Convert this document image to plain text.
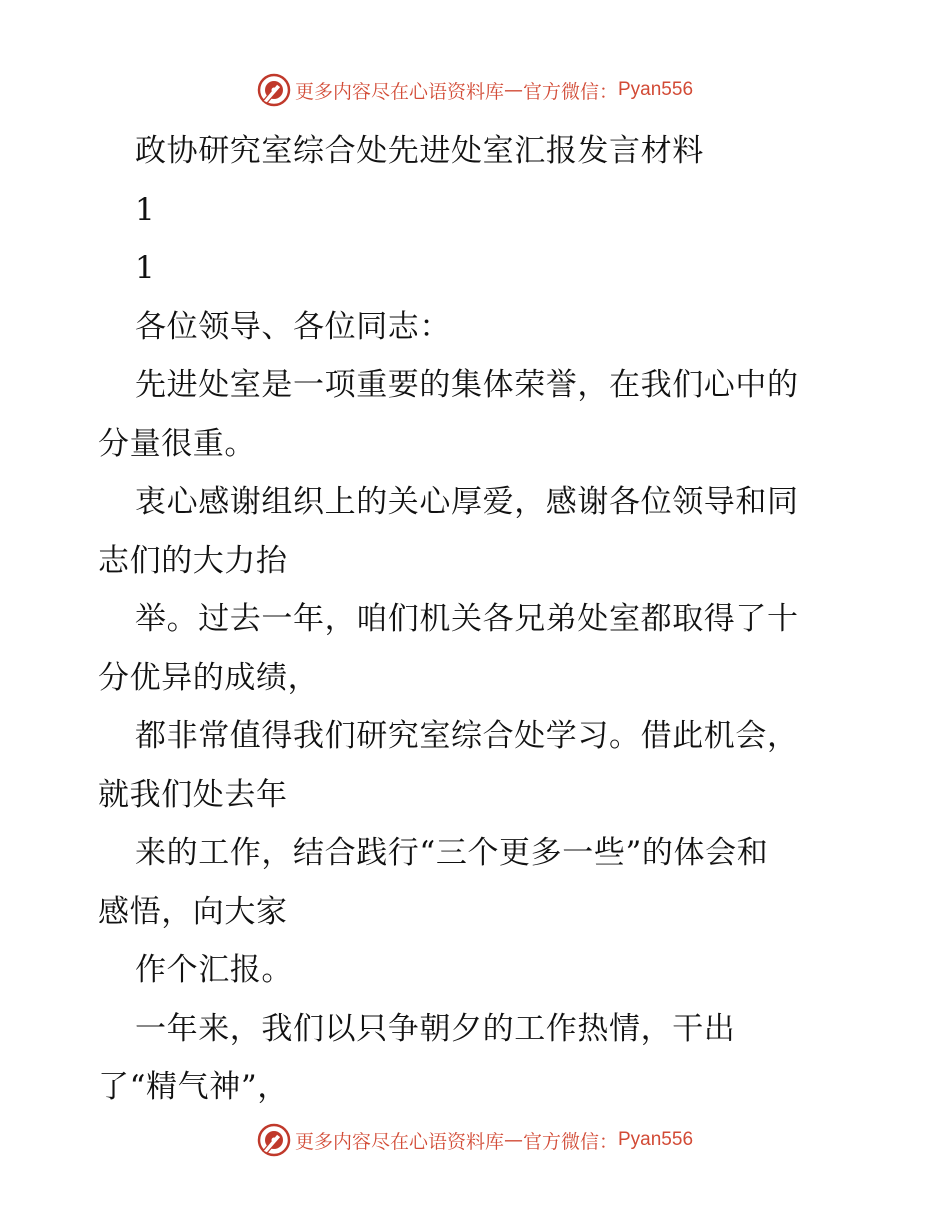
更多内容尽在心语资料库 — 官方微信： Pyan556
政协研究室综合处先进处室汇报发言材料
1
1
各位领导、各位同志：
先进处室是一项重要的集体荣誉，在我们心中的
分量很重。
衷心感谢组织上的关心厚爱，感谢各位领导和同
志们的大力抬
举。过去一年，咱们机关各兄弟处室都取得了十
分优异的成绩，
都非常值得我们研究室综合处学习。借此机会，
就我们处去年
来的工作，结合践行“三个更多一些”的体会和
感悟，向大家
作个汇报。
一年来，我们以只争朝夕的工作热情，干出
了“精气神”，
更多内容尽在心语资料库 — 官方微信： Pyan556
